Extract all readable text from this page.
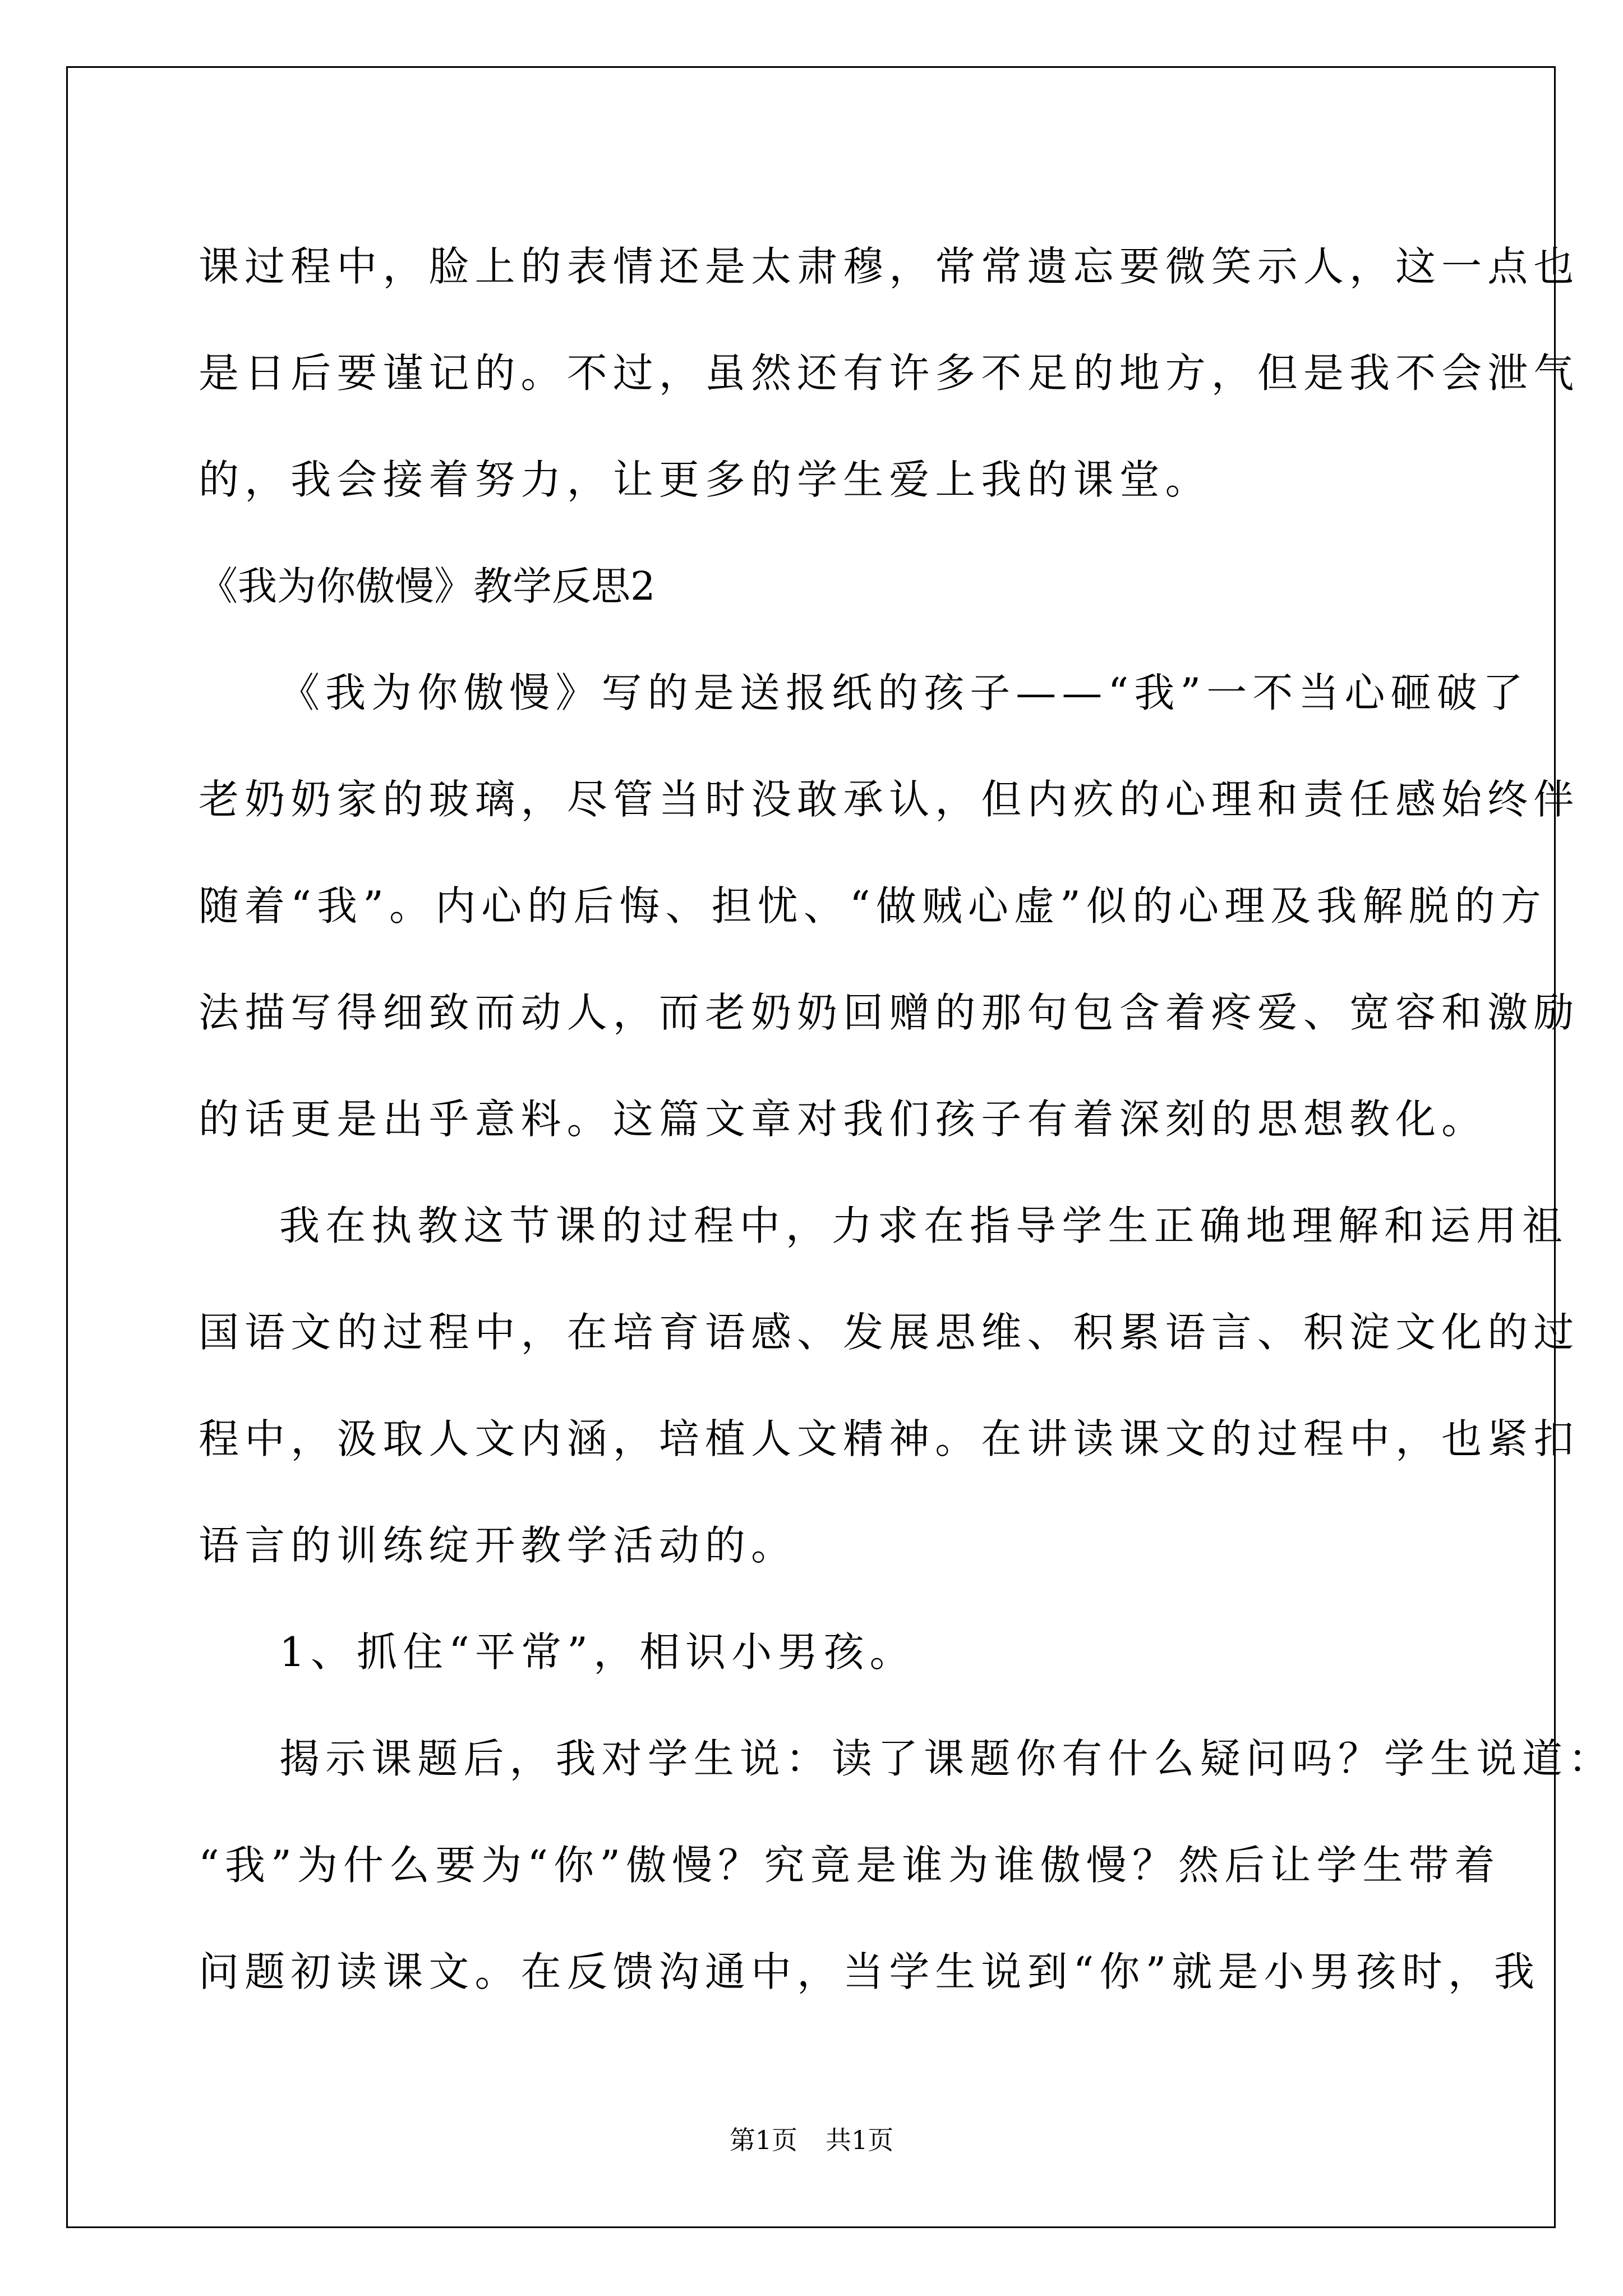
课过程中，脸上的表情还是太肃穆，常常遗忘要微笑示人，这一点也
是日后要谨记的。不过，虽然还有许多不足的地方，但是我不会泄气
的，我会接着努力，让更多的学生爱上我的课堂。
《我为你傲慢》教学反思2
《我为你傲慢》写的是送报纸的孩子——“我”一不当心砸破了
老奶奶家的玻璃，尽管当时没敢承认，但内疚的心理和责任感始终伴
随着“我”。内心的后悔、担忧、“做贼心虚”似的心理及我解脱的方
法描写得细致而动人，而老奶奶回赠的那句包含着疼爱、宽容和激励
的话更是出乎意料。这篇文章对我们孩子有着深刻的思想教化。
我在执教这节课的过程中，力求在指导学生正确地理解和运用祖
国语文的过程中，在培育语感、发展思维、积累语言、积淀文化的过
程中，汲取人文内涵，培植人文精神。在讲读课文的过程中，也紧扣
语言的训练绽开教学活动的。
1、抓住“平常”，相识小男孩。
揭示课题后，我对学生说：读了课题你有什么疑问吗？学生说道：
“我”为什么要为“你”傲慢？究竟是谁为谁傲慢？然后让学生带着
问题初读课文。在反馈沟通中，当学生说到“你”就是小男孩时，我
第1页 共1页
